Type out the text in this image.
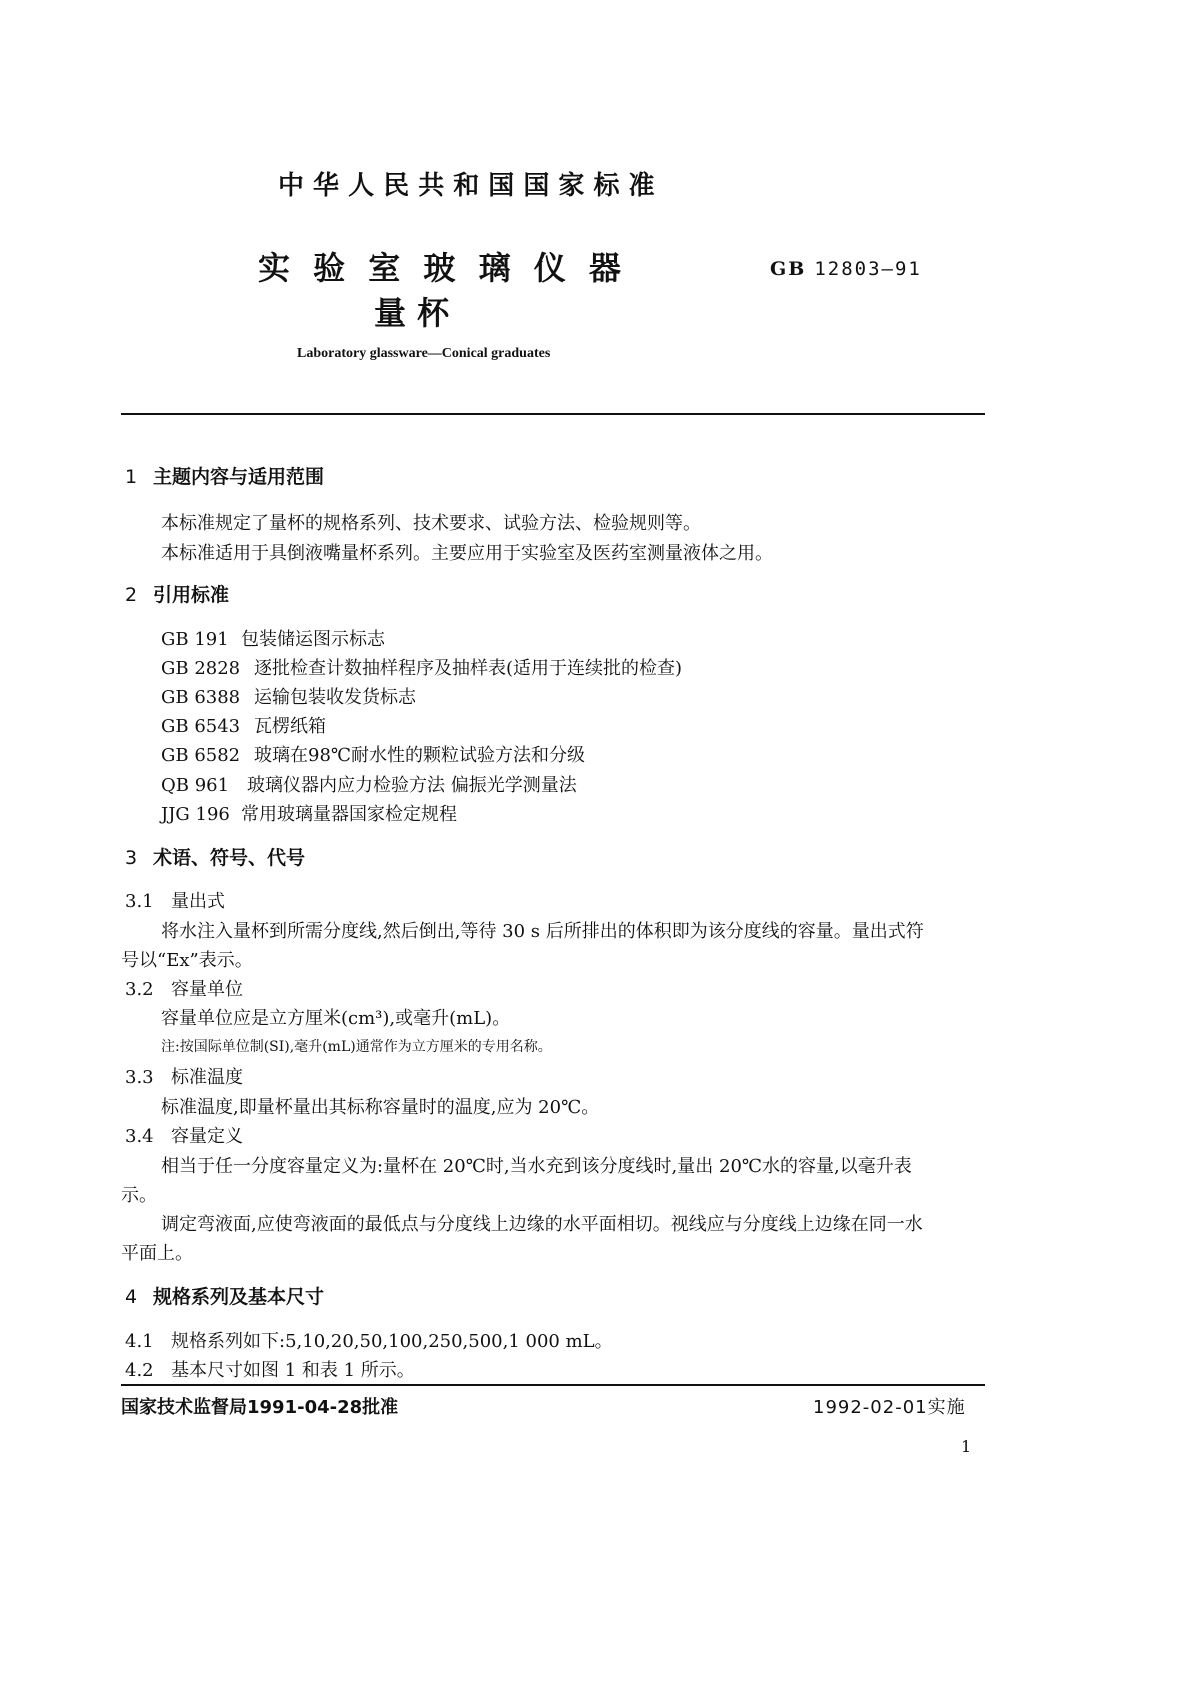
中 华 人 民 共 和 国 国 家 标 准
实 验 室 玻 璃 仪 器
量 杯
GB 12803—91
Laboratory glassware—Conical graduates
1 主题内容与适用范围
本标准规定了量杯的规格系列、技术要求、试验方法、检验规则等。
本标准适用于具倒液嘴量杯系列。主要应用于实验室及医药室测量液体之用。
2 引用标准
GB 191 包装储运图示标志
GB 2828 逐批检查计数抽样程序及抽样表(适用于连续批的检查)
GB 6388 运输包装收发货标志
GB 6543 瓦楞纸箱
GB 6582 玻璃在98℃耐水性的颗粒试验方法和分级
QB 961 玻璃仪器内应力检验方法 偏振光学测量法
JJG 196 常用玻璃量器国家检定规程
3 术语、符号、代号
3.1 量出式
将水注入量杯到所需分度线,然后倒出,等待 30 s 后所排出的体积即为该分度线的容量。量出式符
号以“Ex”表示。
3.2 容量单位
容量单位应是立方厘米(cm³),或毫升(mL)。
注:按国际单位制(SI),毫升(mL)通常作为立方厘米的专用名称。
3.3 标准温度
标准温度,即量杯量出其标称容量时的温度,应为 20℃。
3.4 容量定义
相当于任一分度容量定义为:量杯在 20℃时,当水充到该分度线时,量出 20℃水的容量,以毫升表
示。
调定弯液面,应使弯液面的最低点与分度线上边缘的水平面相切。视线应与分度线上边缘在同一水
平面上。
4 规格系列及基本尺寸
4.1 规格系列如下:5,10,20,50,100,250,500,1 000 mL。
4.2 基本尺寸如图 1 和表 1 所示。
国家技术监督局1991-04-28批准	1992-02-01实施
1
